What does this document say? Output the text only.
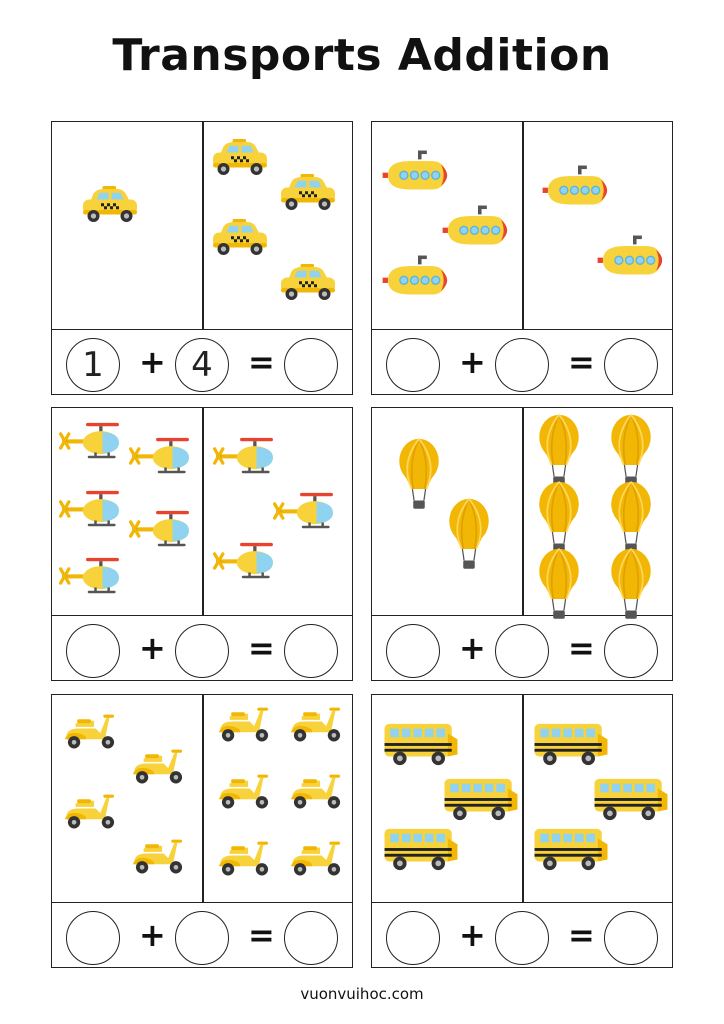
Transports Addition
1	4
+	=	+	=
+	=	+	=
+	=	+	=
vuonvuihoc.com
